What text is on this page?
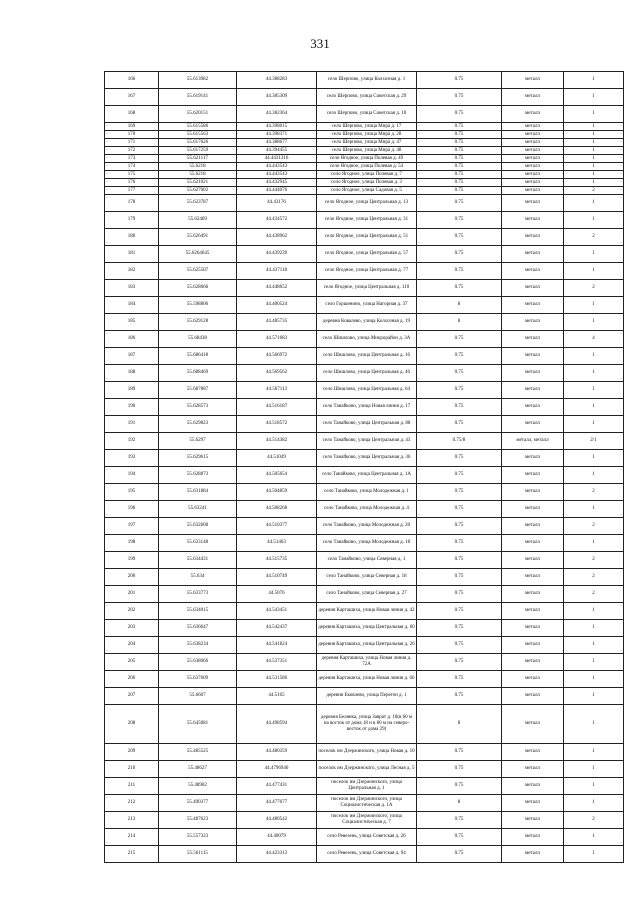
331
166	55.613982	44.388283	село Шерпово, улица Колхозная д. 1	0.75	металл	1
167	55.619141	44.385309	село Шерпово, улица Советская д. 29	0.75	металл	1
168	55.620151	44.382364	село Шерпово, улица Советская д. 10	0.75	металл	1
169	55.615586	44.398015	село Шерпово, улица Мира д. 17	0.75	металл	1
170	55.615563	44.398371	село Шерпово, улица Мира д. 28	0.75	металл	1
171	55.617626	44.388677	село Шерпово, улица Мира д. 47	0.75	металл	1
172	55.617259	44.394455	село Шерпово, улица Мира д. 48	0.75	металл	1
173	55.621117	44.4431316	село Ягодное, улица Полевая д. 49	0.75	металл	1
174	55.6218	44.443543	село Ягодное, улица Полевая д. 54	0.75	металл	1
175	55.6218	44.443543	село Ягодное, улица Полевая д. 7	0.75	металл	1
176	55.621021	44.432945	село Ягодное, улица Полевая д. 3	0.75	металл	1
177	55.627002	44.444076	село Ягодное, улица Садовая д. 5	0.75	металл	2
178	55.623787	44.43176	село Ягодное, улица Центральная д. 13	0.75	металл	1
179	55.62469	44.434572	село Ягодное, улица Центральная д. 31	0.75	металл	1
180	55.626491	44.438962	село Ягодное, улица Центральная д. 51	0.75	металл	2
181	55.6264645	44.439239	село Ягодное, улица Центральная д. 57	0.75	металл	1
182	55.625507	44.437118	село Ягодное, улица Центральная д. 77	0.75	металл	1
183	55.628666	44.448652	село Ягодное, улица Центральная д. 110	0.75	металл	2
184	55.598806	44.400524	село Горшенино, улица Нагорная д. 37	8	металл	1
185	55.629128	44.485735	деревня Ковалево, улица Колхозная д. 19	8	металл	1
186	55.68438	44.571683	село Шишлово, улица Микрорайон д. 3А	0.75	металл	4
187	55.686418	44.566972	село Шишлово, улица Центральная д. 16	0.75	металл	1
188	55.688469	44.569562	село Шишлово, улица Центральная д. 46	0.75	металл	1
189	55.687887	44.567113	село Шишлово, улица Центральная д. 64	0.75	металл	1
190	55.628573	44.516187	село Танайково, улица Новая линия д. 17	0.75	металл	1
191	55.629823	44.518572	село Танайково, улица Центральная д. 88	0.75	металл	1
192	55.6297	44.514382	село Танайково, улица Центральная д. 43	0.75/8	металл, металл	2/1
193	55.629615	44.51049	село Танайково, улица Центральная д. 36	0.75	металл	1
194	55.628873	44.505654	село Танайково, улица Центральная д. 1А	0.75	металл	1
195	55.631884	44.504859	село Танайково, улица Молодежная д. 1	0.75	металл	2
196	55.63241	44.508268	село Танайково, улица Молодежная д. 4	0.75	металл	1
197	55.632608	44.510377	село Танайково, улица Молодежная д. 20	0.75	металл	2
198	55.633148	44.51463	село Танайково, улица Молодежная д. 18	0.75	металл	1
199	55.634431	44.515735	село Танайково, улица Северная д. 1	0.75	металл	2
200	55.634	44.510749	село Танайково, улица Северная д. 18	0.75	металл	2
201	55.633773	44.5076	село Танайково, улица Северная д. 27	0.75	металл	2
202	55.634015	44.543451	деревня Карташиха, улица Новая линия д. 42	0.75	металл	1
203	55.636647	44.542437	деревня Карташиха, улица Центральная д. 60	0.75	металл	1
204	55.638234	44.541824	деревня Карташиха, улица Центральная д. 26	0.75	металл	1
205	55.638066	44.537351	деревня Карташиха, улица Новая линия д. 72А	0.75	металл	1
206	55.637609	44.531586	деревня Карташиха, улица Новая линия д. 66	0.75	металл	1
207	55.6607	44.5165	деревня Ековлево, улица Перегон д. 1	0.75	металл	1
208	55.645081	44.498594	деревня Белянка, улица Заврат д. 18(в 60 м на восток от дома 18 и в 80 м на северо-восток от дома 29)	8	металл	1
209	55.485525	44.480359	поселок им Дзержинского, улица Новая д. 10	0.75	металл	1
210	55.48627	44.4796940	поселок им Дзержинского, улица Лесная д. 5	0.75	металл	1
211	55.48902	44.477431	поселок им Дзержинского, улица Центральная д. 1	0.75	металл	1
212	55.490377	44.477677	поселок им Дзержинского, улица Социалистическая д. 1А	8	металл	1
213	55.487623	44.480542	поселок им Дзержинского, улица Социалистическая д. 7	0.75	металл	2
214	55.557323	44.40079	село Ревезень, улица Советская д. 26	0.75	металл	1
215	55.561115	44.423313	село Ревезень, улица Советская д. 94	0.75	металл	1
